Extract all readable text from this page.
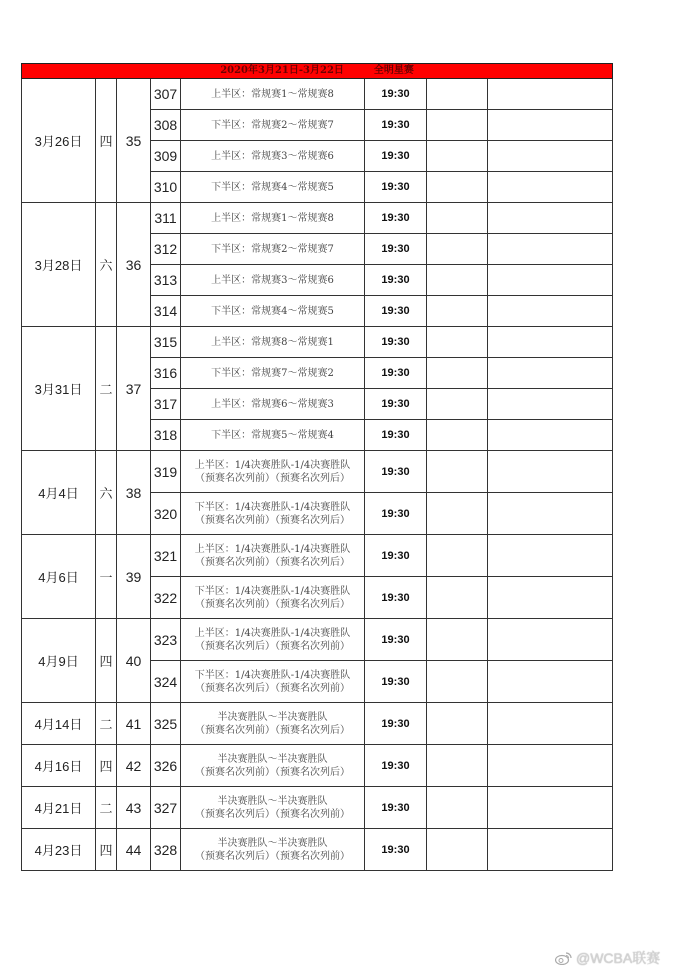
2020年3月21日-3月22日 全明星赛							
3月26日	四	35	307	上半区：常规赛1～常规赛8	19:30		
			308	下半区：常规赛2～常规赛7	19:30		
			309	上半区：常规赛3～常规赛6	19:30		
			310	下半区：常规赛4～常规赛5	19:30		
3月28日	六	36	311	上半区：常规赛1～常规赛8	19:30		
			312	下半区：常规赛2～常规赛7	19:30		
			313	上半区：常规赛3～常规赛6	19:30		
			314	下半区：常规赛4～常规赛5	19:30		
3月31日	二	37	315	上半区：常规赛8～常规赛1	19:30		
			316	下半区：常规赛7～常规赛2	19:30		
			317	上半区：常规赛6～常规赛3	19:30		
			318	下半区：常规赛5～常规赛4	19:30		
4月4日	六	38	319	上半区：1/4决赛胜队-1/4决赛胜队
（预赛名次列前）（预赛名次列后）	19:30		
			320	下半区：1/4决赛胜队-1/4决赛胜队
（预赛名次列前）（预赛名次列后）	19:30		
4月6日	一	39	321	上半区：1/4决赛胜队-1/4决赛胜队
（预赛名次列前）（预赛名次列后）	19:30		
			322	下半区：1/4决赛胜队-1/4决赛胜队
（预赛名次列前）（预赛名次列后）	19:30		
4月9日	四	40	323	上半区：1/4决赛胜队-1/4决赛胜队
（预赛名次列后）（预赛名次列前）	19:30		
			324	下半区：1/4决赛胜队-1/4决赛胜队
（预赛名次列后）（预赛名次列前）	19:30		
4月14日	二	41	325	半决赛胜队～半决赛胜队
（预赛名次列前）（预赛名次列后）	19:30		
4月16日	四	42	326	半决赛胜队～半决赛胜队
（预赛名次列前）（预赛名次列后）	19:30		
4月21日	二	43	327	半决赛胜队～半决赛胜队
（预赛名次列后）（预赛名次列前）	19:30		
4月23日	四	44	328	半决赛胜队～半决赛胜队
（预赛名次列后）（预赛名次列前）	19:30		
@WCBA联赛
